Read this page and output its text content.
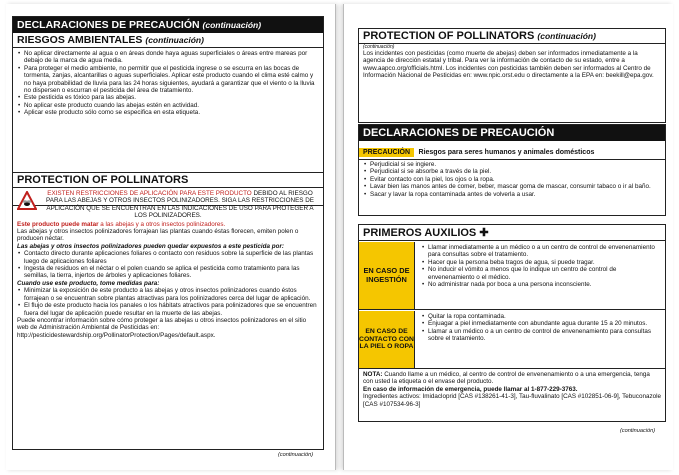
DECLARACIONES DE PRECAUCIÓN (continuación)
RIESGOS AMBIENTALES (continuación)
• No aplicar directamente al agua o en áreas donde haya aguas superficiales o áreas entre mareas por debajo de la marca de agua media.
• Para proteger el medio ambiente, no permitir que el pesticida ingrese o se escurra en las bocas de tormenta, zanjas, alcantarillas o aguas superficiales. Aplicar este producto cuando el clima esté calmo y no haya probabilidad de lluvia para las 24 horas siguientes, ayudará a garantizar que el viento o la lluvia no dispersen o escurran el pesticida del área de tratamiento.
• Este pesticida es tóxico para las abejas.
• No aplicar este producto cuando las abejas estén en actividad.
• Aplicar este producto sólo como se especifica en esta etiqueta.
PROTECTION OF POLLINATORS
EXISTEN RESTRICCIONES DE APLICACIÓN PARA ESTE PRODUCTO DEBIDO AL RIESGO PARA LAS ABEJAS Y OTROS INSECTOS POLINIZADORES. SIGA LAS RESTRICCIONES DE APLICACIÓN QUE SE ENCUENTRAN EN LAS INDICACIONES DE USO PARA PROTEGER A LOS POLINIZADORES.
Este producto puede matar a las abejas y a otros insectos polinizadores.
Las abejas y otros insectos polinizadores forrajean las plantas cuando éstas florecen, emiten polen o producen néctar.
Las abejas y otros insectos polinizadores pueden quedar expuestos a este pesticida por:
• Contacto directo durante aplicaciones foliares o contacto con residuos sobre la superficie de las plantas luego de aplicaciones foliares
• Ingesta de residuos en el néctar o el polen cuando se aplica el pesticida como tratamiento para las semillas, la tierra, injertos de árboles y aplicaciones foliares.
Cuando use este producto, tome medidas para:
• Minimizar la exposición de este producto a las abejas y otros insectos polinizadores cuando éstos forrajean o se encuentran sobre plantas atractivas para los polinizadores cerca del lugar de aplicación.
• El flujo de este producto hacia los panales o los hábitats atractivos para polinizadores que se encuentren fuera del lugar de aplicación puede resultar en la muerte de las abejas.
Puede encontrar información sobre cómo proteger a las abejas u otros insectos polinizadores en el sitio web de Administración Ambiental de Pesticidas en:
http://pesticidestewardship.org/PollinatorProtection/Pages/default.aspx.
(continuación)
PROTECTION OF POLLINATORS (continuación)
(continuación)
Los incidentes con pesticidas (como muerte de abejas) deben ser informados inmediatamente a la agencia de dirección estatal y tribal. Para ver la información de contacto de su estado, entre a www.aapco.org/officials.html. Los incidentes con pesticidas también deben ser informados al Centro de Información Nacional de Pesticidas en: www.npic.orst.edu o directamente a la EPA en: beekill@epa.gov.
DECLARACIONES DE PRECAUCIÓN
PRECAUCIÓN Riesgos para seres humanos y animales domésticos
• Perjudicial si se ingiere.
• Perjudicial si se absorbe a través de la piel.
• Evitar contacto con la piel, los ojos o la ropa.
• Lavar bien las manos antes de comer, beber, mascar goma de mascar, consumir tabaco o ir al baño.
• Sacar y lavar la ropa contaminada antes de volverla a usar.
PRIMEROS AUXILIOS ✚
EN CASO DE INGESTIÓN
• Llamar inmediatamente a un médico o a un centro de control de envenenamiento para consultas sobre el tratamiento.
• Hacer que la persona beba tragos de agua, si puede tragar.
• No inducir el vómito a menos que lo indique un centro de control de envenenamiento o el médico.
• No administrar nada por boca a una persona inconsciente.
EN CASO DE CONTACTO CON LA PIEL O ROPA
• Quitar la ropa contaminada.
• Enjuagar a piel inmediatamente con abundante agua durante 15 a 20 minutos.
• Llamar a un médico o a un centro de control de envenenamiento para consultas sobre el tratamiento.
NOTA: Cuando llame a un médico, al centro de control de envenenamiento o a una emergencia, tenga con usted la etiqueta o el envase del producto.
En caso de información de emergencia, puede llamar al 1-877-229-3763.
Ingredientes activos: Imidacloprid [CAS #138261-41-3], Tau-fluvalinato [CAS #102851-06-9], Tebuconazole [CAS #107534-96-3]
(continuación)
